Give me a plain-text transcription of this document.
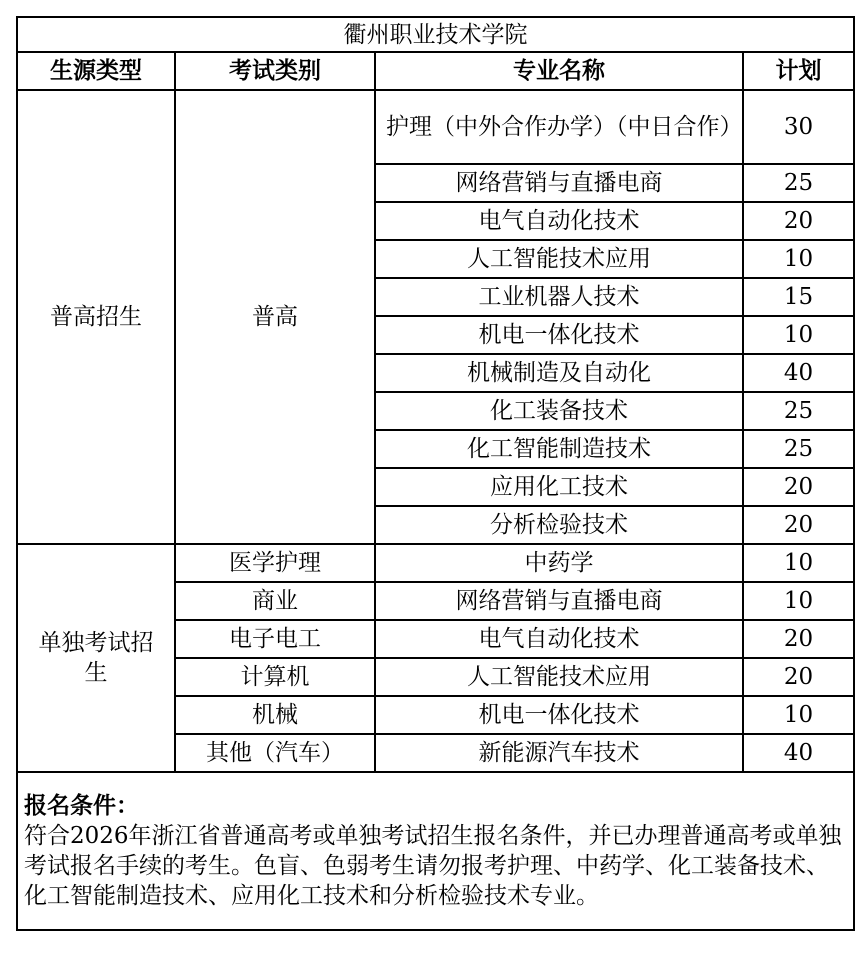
衢州职业技术学院			
生源类型	考试类别	专业名称	计划
普高招生	普高	护理（中外合作办学）（中日合作）	30
		网络营销与直播电商	25
		电气自动化技术	20
		人工智能技术应用	10
		工业机器人技术	15
		机电一体化技术	10
		机械制造及自动化	40
		化工装备技术	25
		化工智能制造技术	25
		应用化工技术	20
		分析检验技术	20
单独考试招生	医学护理	中药学	10
	商业	网络营销与直播电商	10
	电子电工	电气自动化技术	20
	计算机	人工智能技术应用	20
	机械	机电一体化技术	10
	其他（汽车）	新能源汽车技术	40

报名条件：
符合2026年浙江省普通高考或单独考试招生报名条件，并已办理普通高考或单独考试报名手续的考生。色盲、色弱考生请勿报考护理、中药学、化工装备技术、化工智能制造技术、应用化工技术和分析检验技术专业。			
